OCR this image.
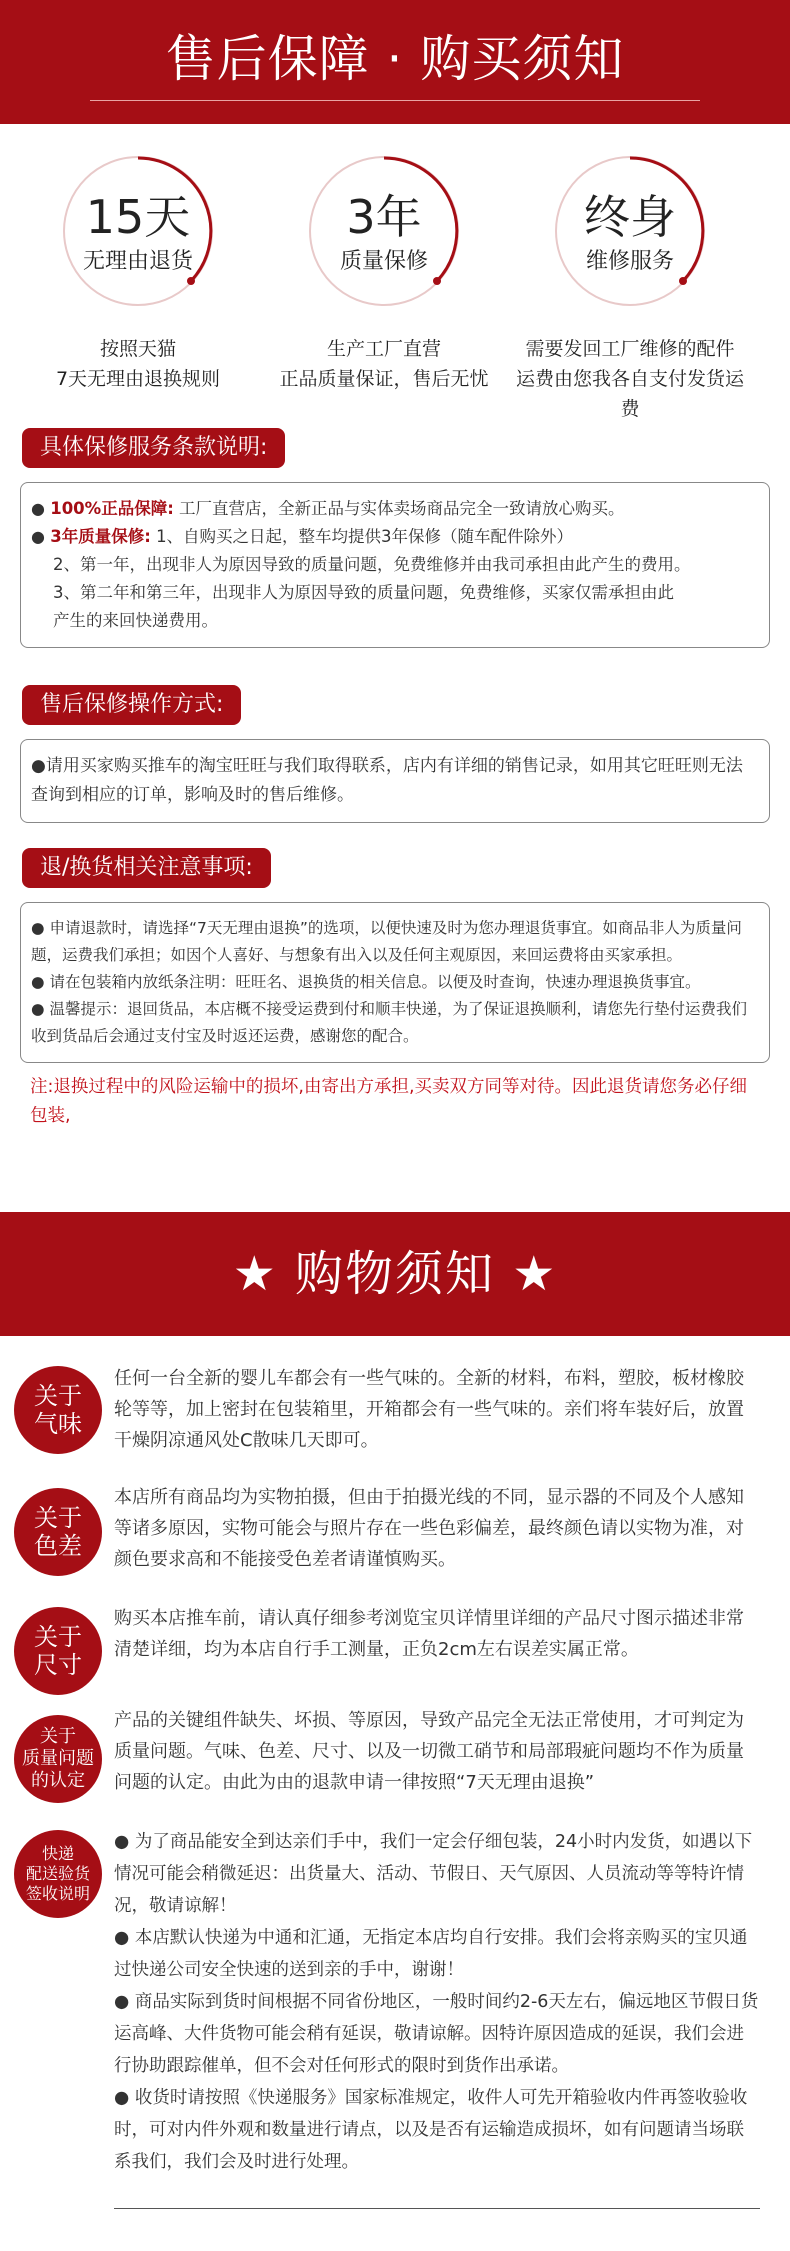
售后保障 · 购买须知
15天
无理由退货
按照天猫
7天无理由退换规则
3年
质量保修
生产工厂直营
正品质量保证，售后无忧
终身
维修服务
需要发回工厂维修的配件
运费由您我各自支付发货运费
具体保修服务条款说明:
● 100%正品保障: 工厂直营店，全新正品与实体卖场商品完全一致请放心购买。
● 3年质量保修: 1、自购买之日起，整车均提供3年保修（随车配件除外）
2、第一年，出现非人为原因导致的质量问题，免费维修并由我司承担由此产生的费用。
3、第二年和第三年，出现非人为原因导致的质量问题，免费维修，买家仅需承担由此
产生的来回快递费用。
售后保修操作方式:
●请用买家购买推车的淘宝旺旺与我们取得联系，店内有详细的销售记录，如用其它旺旺则无法查询到相应的订单，影响及时的售后维修。
退/换货相关注意事项:
● 申请退款时，请选择“7天无理由退换”的选项，以便快速及时为您办理退货事宜。如商品非人为质量问题，运费我们承担；如因个人喜好、与想象有出入以及任何主观原因，来回运费将由买家承担。
● 请在包装箱内放纸条注明：旺旺名、退换货的相关信息。以便及时查询，快速办理退换货事宜。
● 温馨提示：退回货品，本店概不接受运费到付和顺丰快递，为了保证退换顺利，请您先行垫付运费我们收到货品后会通过支付宝及时返还运费，感谢您的配合。
注:退换过程中的风险运输中的损坏,由寄出方承担,买卖双方同等对待。因此退货请您务必仔细包装,
★ 购物须知 ★
关于
气味
任何一台全新的婴儿车都会有一些气味的。全新的材料，布料，塑胶，板材橡胶轮等等，加上密封在包装箱里，开箱都会有一些气味的。亲们将车装好后，放置干燥阴凉通风处C散味几天即可。
关于
色差
本店所有商品均为实物拍摄，但由于拍摄光线的不同，显示器的不同及个人感知等诸多原因，实物可能会与照片存在一些色彩偏差，最终颜色请以实物为准，对颜色要求高和不能接受色差者请谨慎购买。
关于
尺寸
购买本店推车前，请认真仔细参考浏览宝贝详情里详细的产品尺寸图示描述非常清楚详细，均为本店自行手工测量，正负2cm左右误差实属正常。
关于
质量问题
的认定
产品的关键组件缺失、坏损、等原因，导致产品完全无法正常使用，才可判定为质量问题。气味、色差、尺寸、以及一切微工硝节和局部瑕疵问题均不作为质量问题的认定。由此为由的退款申请一律按照“7天无理由退换”
快递
配送验货
签收说明
● 为了商品能安全到达亲们手中，我们一定会仔细包装，24小时内发货，如遇以下情况可能会稍微延迟：出货量大、活动、节假日、天气原因、人员流动等等特许情况，敬请谅解！
● 本店默认快递为中通和汇通，无指定本店均自行安排。我们会将亲购买的宝贝通过快递公司安全快速的送到亲的手中，谢谢！
● 商品实际到货时间根据不同省份地区，一般时间约2-6天左右，偏远地区节假日货运高峰、大件货物可能会稍有延误，敬请谅解。因特许原因造成的延误，我们会进行协助跟踪催单，但不会对任何形式的限时到货作出承诺。
● 收货时请按照《快递服务》国家标准规定，收件人可先开箱验收内件再签收验收时，可对内件外观和数量进行请点，以及是否有运输造成损坏，如有问题请当场联系我们，我们会及时进行处理。
